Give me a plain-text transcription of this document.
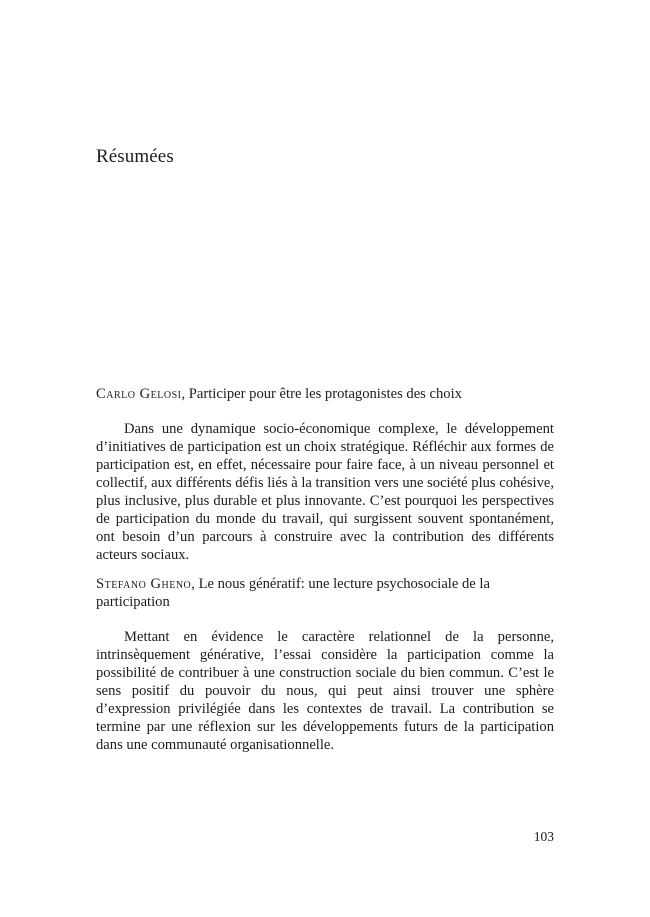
Résumées
Carlo Gelosi, Participer pour être les protagonistes des choix

Dans une dynamique socio-économique complexe, le développement d’initiatives de participation est un choix stratégique. Réfléchir aux formes de participation est, en effet, nécessaire pour faire face, à un niveau personnel et collectif, aux différents défis liés à la transition vers une société plus cohésive, plus inclusive, plus durable et plus innovante. C’est pourquoi les perspectives de participation du monde du travail, qui surgissent souvent spontanément, ont besoin d’un parcours à construire avec la contribution des différents acteurs sociaux.

Stefano Gheno, Le nous génératif: une lecture psychosociale de la participation

Mettant en évidence le caractère relationnel de la personne, intrinsèquement générative, l’essai considère la participation comme la possibilité de contribuer à une construction sociale du bien commun. C’est le sens positif du pouvoir du nous, qui peut ainsi trouver une sphère d’expression privilégiée dans les contextes de travail. La contribution se termine par une réflexion sur les développements futurs de la participation dans une communauté organisationnelle.

103
